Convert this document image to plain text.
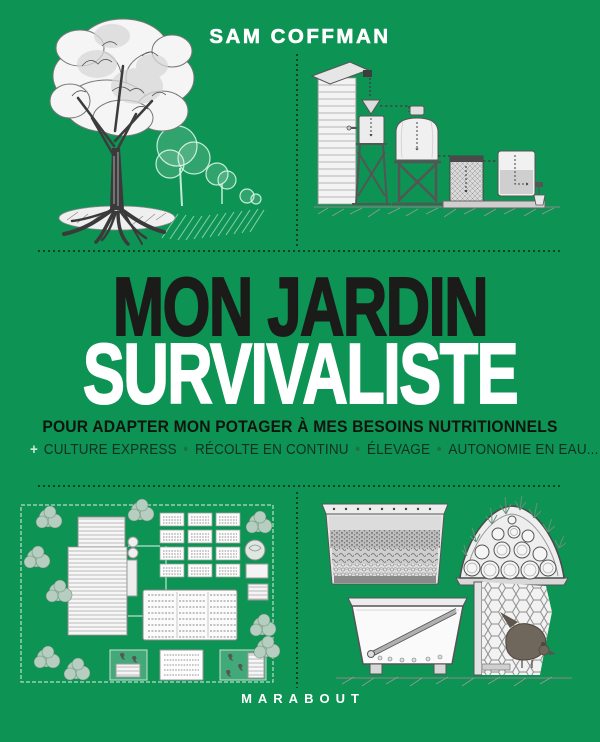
SAM COFFMAN
MON JARDIN
SURVIVALISTE
POUR ADAPTER MON POTAGER À MES BESOINS NUTRITIONNELS
+ CULTURE EXPRESS • RÉCOLTE EN CONTINU • ÉLEVAGE • AUTONOMIE EN EAU...
MARABOUT
